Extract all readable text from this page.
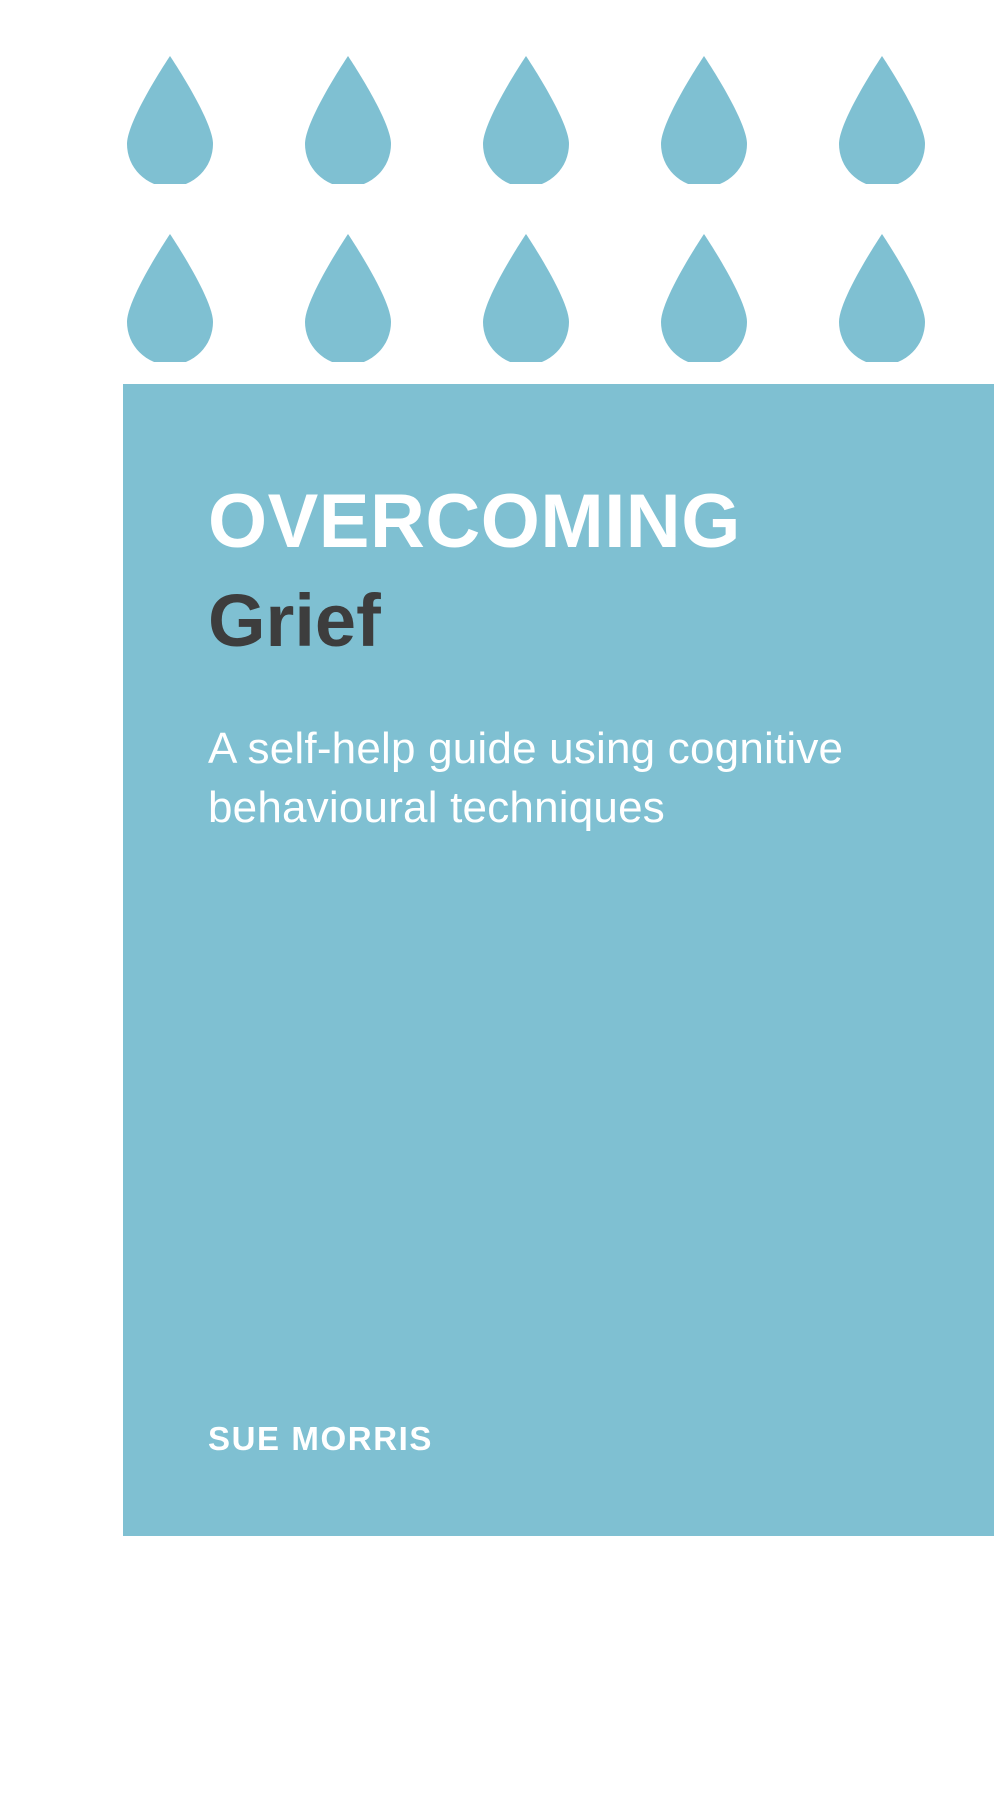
OVERCOMING
Grief

A self-help guide using cognitive behavioural techniques

an
OVERCOMING
publication
SUE MORRIS
